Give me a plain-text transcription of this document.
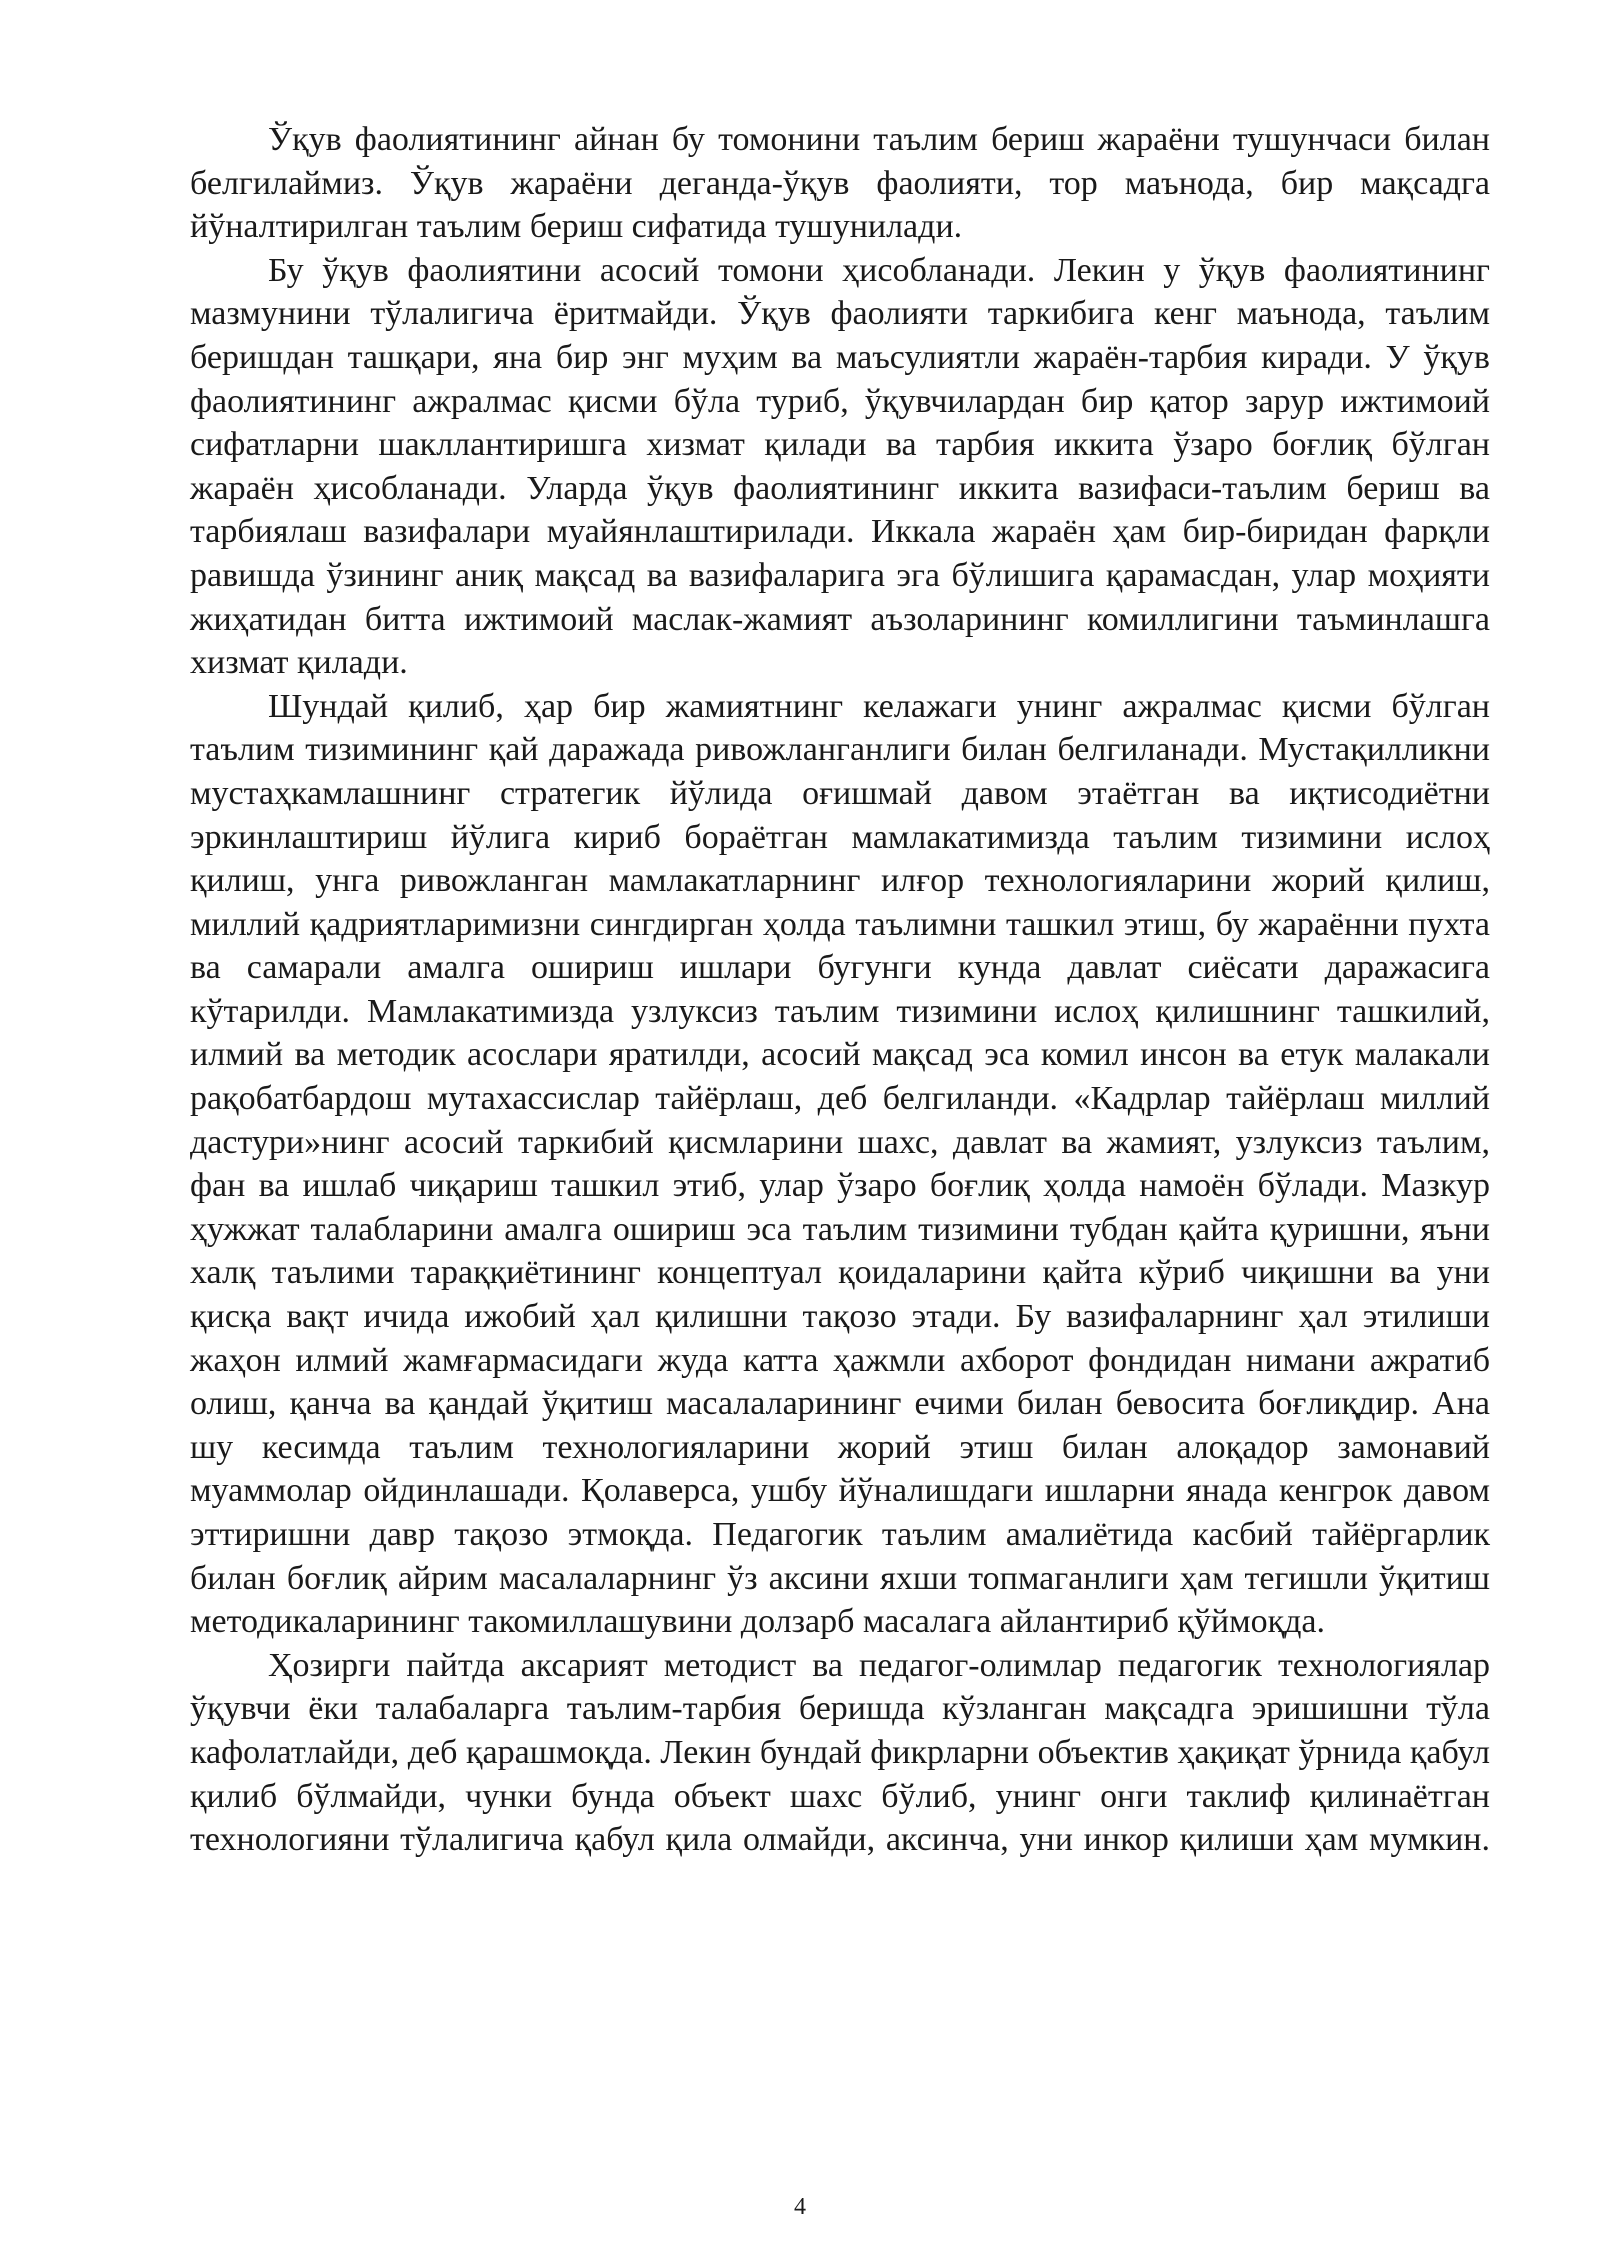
Ўқув фаолиятининг айнан бу томонини таълим бериш жараёни тушунчаси билан белгилаймиз. Ўқув жараёни деганда-ўқув фаолияти, тор маънода, бир мақсадга йўналтирилган таълим бериш сифатида тушунилади.

Бу ўқув фаолиятини асосий томони ҳисобланади. Лекин у ўқув фаолиятининг мазмунини тўлалигича ёритмайди. Ўқув фаолияти таркибига кенг маънода, таълим беришдан ташқари, яна бир энг муҳим ва маъсулиятли жараён-тарбия киради. У ўқув фаолиятининг ажралмас қисми бўла туриб, ўқувчилардан бир қатор зарур ижтимоий сифатларни шакллантиришга хизмат қилади ва тарбия иккита ўзаро боғлиқ бўлган жараён ҳисобланади. Уларда ўқув фаолиятининг иккита вазифаси-таълим бериш ва тарбиялаш вазифалари муайянлаштирилади. Иккала жараён ҳам бир-биридан фарқли равишда ўзининг аниқ мақсад ва вазифаларига эга бўлишига қарамасдан, улар моҳияти жиҳатидан битта ижтимоий маслак-жамият аъзоларининг комиллигини таъминлашга хизмат қилади.

Шундай қилиб, ҳар бир жамиятнинг келажаги унинг ажралмас қисми бўлган таълим тизимининг қай даражада ривожланганлиги билан белгиланади. Мустақилликни мустаҳкамлашнинг стратегик йўлида оғишмай давом этаётган ва иқтисодиётни эркинлаштириш йўлига кириб бораётган мамлакатимизда таълим тизимини ислоҳ қилиш, унга ривожланган мамлакатларнинг илғор технологияларини жорий қилиш, миллий қадриятларимизни сингдирган ҳолда таълимни ташкил этиш, бу жараённи пухта ва самарали амалга ошириш ишлари бугунги кунда давлат сиёсати даражасига кўтарилди. Мамлакатимизда узлуксиз таълим тизимини ислоҳ қилишнинг ташкилий, илмий ва методик асослари яратилди, асосий мақсад эса комил инсон ва етук малакали рақобатбардош мутахассислар тайёрлаш, деб белгиланди. «Кадрлар тайёрлаш миллий дастури»нинг асосий таркибий қисмларини шахс, давлат ва жамият, узлуксиз таълим, фан ва ишлаб чиқариш ташкил этиб, улар ўзаро боғлиқ ҳолда намоён бўлади. Мазкур ҳужжат талабларини амалга ошириш эса таълим тизимини тубдан қайта қуришни, яъни халқ таълими тараққиётининг концептуал қоидаларини қайта кўриб чиқишни ва уни қисқа вақт ичида ижобий ҳал қилишни тақозо этади. Бу вазифаларнинг ҳал этилиши жаҳон илмий жамғармасидаги жуда катта ҳажмли ахборот фондидан нимани ажратиб олиш, қанча ва қандай ўқитиш масалаларининг ечими билан бевосита боғлиқдир. Ана шу кесимда таълим технологияларини жорий этиш билан алоқадор замонавий муаммолар ойдинлашади. Қолаверса, ушбу йўналишдаги ишларни янада кенгрок давом эттиришни давр тақозо этмоқда. Педагогик таълим амалиётида касбий тайёргарлик билан боғлиқ айрим масалаларнинг ўз аксини яхши топмаганлиги ҳам тегишли ўқитиш методикаларининг такомиллашувини долзарб масалага айлантириб қўймоқда.

Ҳозирги пайтда аксарият методист ва педагог-олимлар педагогик технологиялар ўқувчи ёки талабаларга таълим-тарбия беришда кўзланган мақсадга эришишни тўла кафолатлайди, деб қарашмоқда. Лекин бундай фикрларни объектив ҳақиқат ўрнида қабул қилиб бўлмайди, чунки бунда объект шахс бўлиб, унинг онги таклиф қилинаётган технологияни тўлалигича қабул қила олмайди, аксинча, уни инкор қилиши ҳам мумкин.

4
